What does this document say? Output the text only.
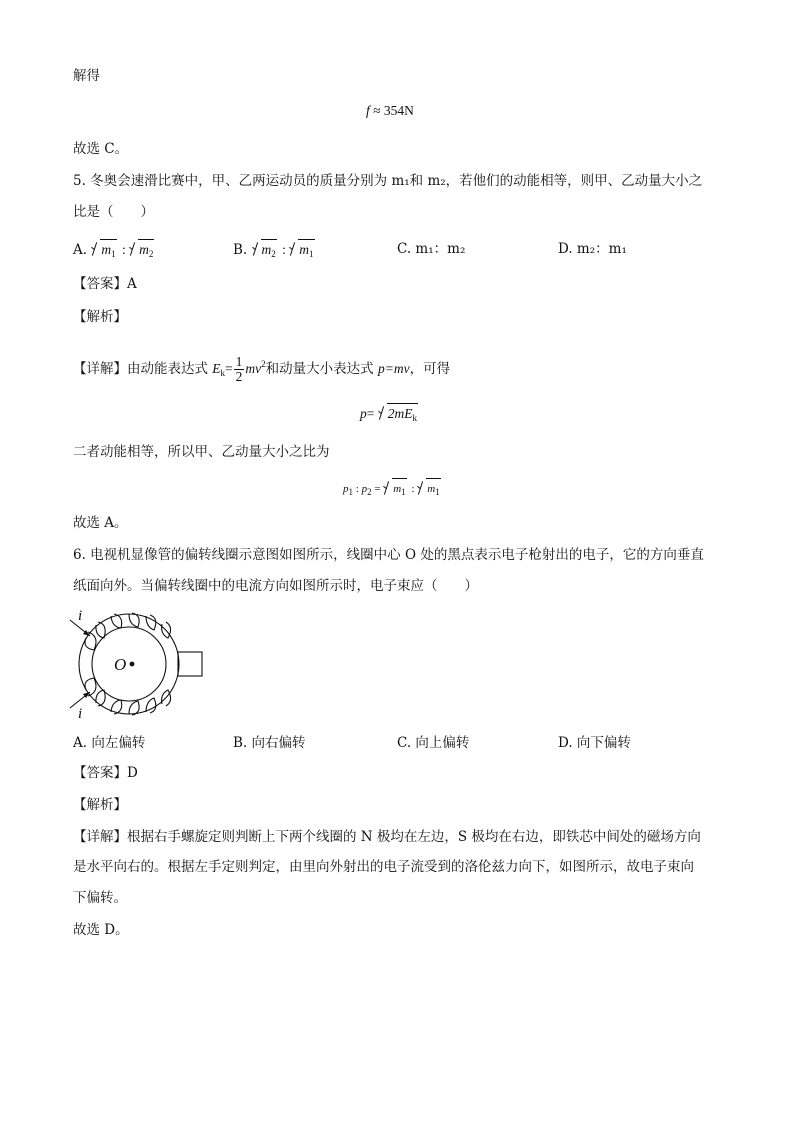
解得
f ≈ 354N
故选 C。
5. 冬奥会速滑比赛中，甲、乙两运动员的质量分别为 m₁和 m₂，若他们的动能相等，则甲、乙动量大小之
比是（　　）
A. $m_1$ : $m_2$	B. $m_2$ : $m_1$	C. m₁：m₂	D. m₂：m₁
【答案】A
【解析】
【详解】由动能表达式 $E_k= \frac{1}{2} mv^2$和动量大小表达式 p=mv，可得
$p= 2mE_k$
二者动能相等，所以甲、乙动量大小之比为
$p_1$ : $p_2 = m_1$ : $m_1$
故选 A。
6. 电视机显像管的偏转线圈示意图如图所示，线圈中心 O 处的黑点表示电子枪射出的电子，它的方向垂直
纸面向外。当偏转线圈中的电流方向如图所示时，电子束应（　　）
i
i
O
A. 向左偏转	B. 向右偏转	C. 向上偏转	D. 向下偏转
【答案】D
【解析】
【详解】根据右手螺旋定则判断上下两个线圈的 N 极均在左边，S 极均在右边，即铁芯中间处的磁场方向
是水平向右的。根据左手定则判定，由里向外射出的电子流受到的洛伦兹力向下，如图所示，故电子束向
下偏转。
故选 D。
